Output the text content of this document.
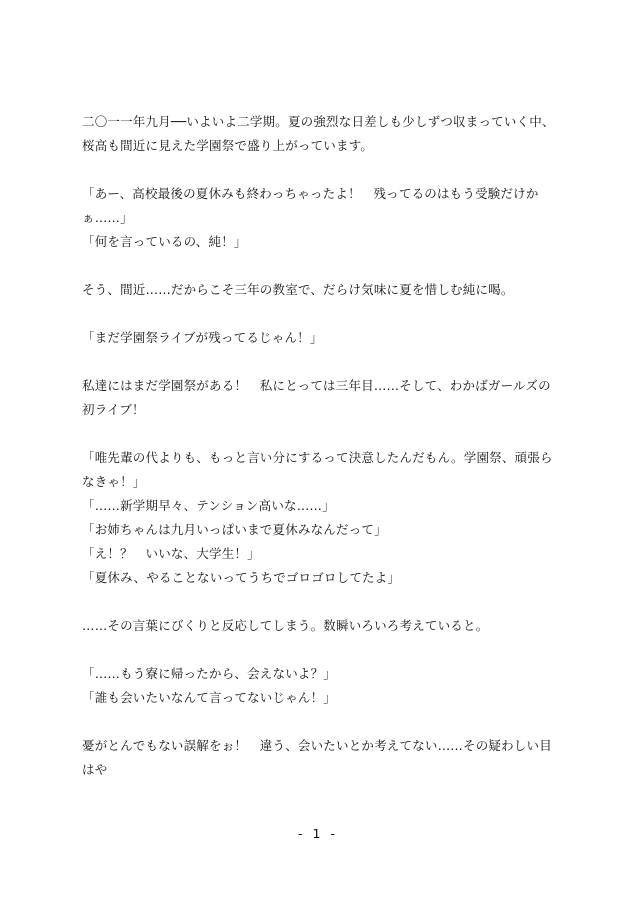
二〇一一年九月──いよいよ二学期。夏の強烈な日差しも少しずつ収まっていく中、桜高も間近に見えた学園祭で盛り上がっています。

「あー、高校最後の夏休みも終わっちゃったよ！　残ってるのはもう受験だけかぁ……」
「何を言っているの、純！」

そう、間近……だからこそ三年の教室で、だらけ気味に夏を惜しむ純に喝。

「まだ学園祭ライブが残ってるじゃん！」

私達にはまだ学園祭がある！　私にとっては三年目……そして、わかばガールズの初ライブ！

「唯先輩の代よりも、もっと言い分にするって決意したんだもん。学園祭、頑張らなきゃ！」
「……新学期早々、テンション高いな……」
「お姉ちゃんは九月いっぱいまで夏休みなんだって」
「え！？　いいな、大学生！」
「夏休み、やることないってうちでゴロゴロしてたよ」

……その言葉にびくりと反応してしまう。数瞬いろいろ考えていると。

「……もう寮に帰ったから、会えないよ？」
「誰も会いたいなんて言ってないじゃん！」

憂がとんでもない誤解をぉ！　違う、会いたいとか考えてない……その疑わしい目はや

- 1 -
